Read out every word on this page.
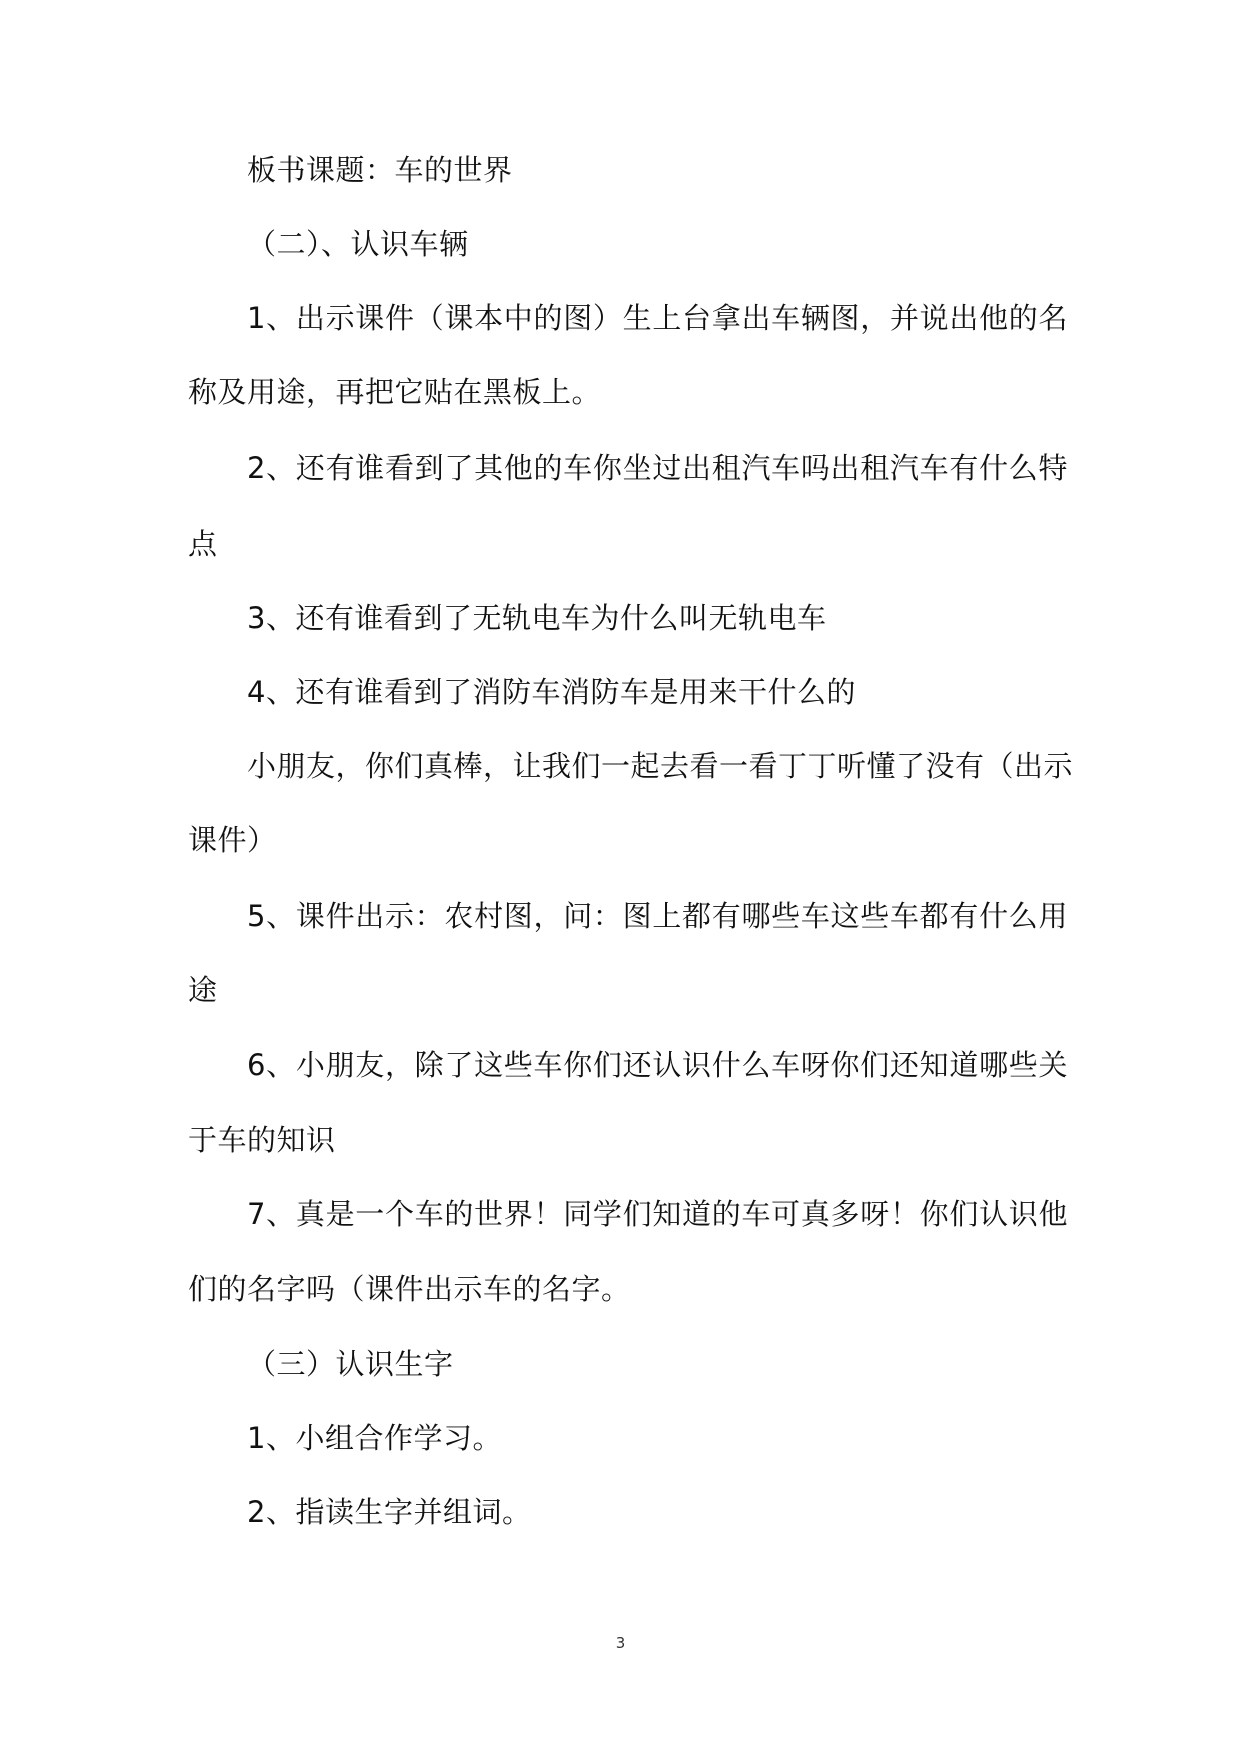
板书课题：车的世界
（二）、认识车辆
1、出示课件（课本中的图）生上台拿出车辆图，并说出他的名
称及用途，再把它贴在黑板上。
2、还有谁看到了其他的车你坐过出租汽车吗出租汽车有什么特
点
3、还有谁看到了无轨电车为什么叫无轨电车
4、还有谁看到了消防车消防车是用来干什么的
小朋友，你们真棒，让我们一起去看一看丁丁听懂了没有（出示
课件）
5、课件出示：农村图，问：图上都有哪些车这些车都有什么用
途
6、小朋友，除了这些车你们还认识什么车呀你们还知道哪些关
于车的知识
7、真是一个车的世界！同学们知道的车可真多呀！你们认识他
们的名字吗（课件出示车的名字。
（三）认识生字
1、小组合作学习。
2、指读生字并组词。
3
